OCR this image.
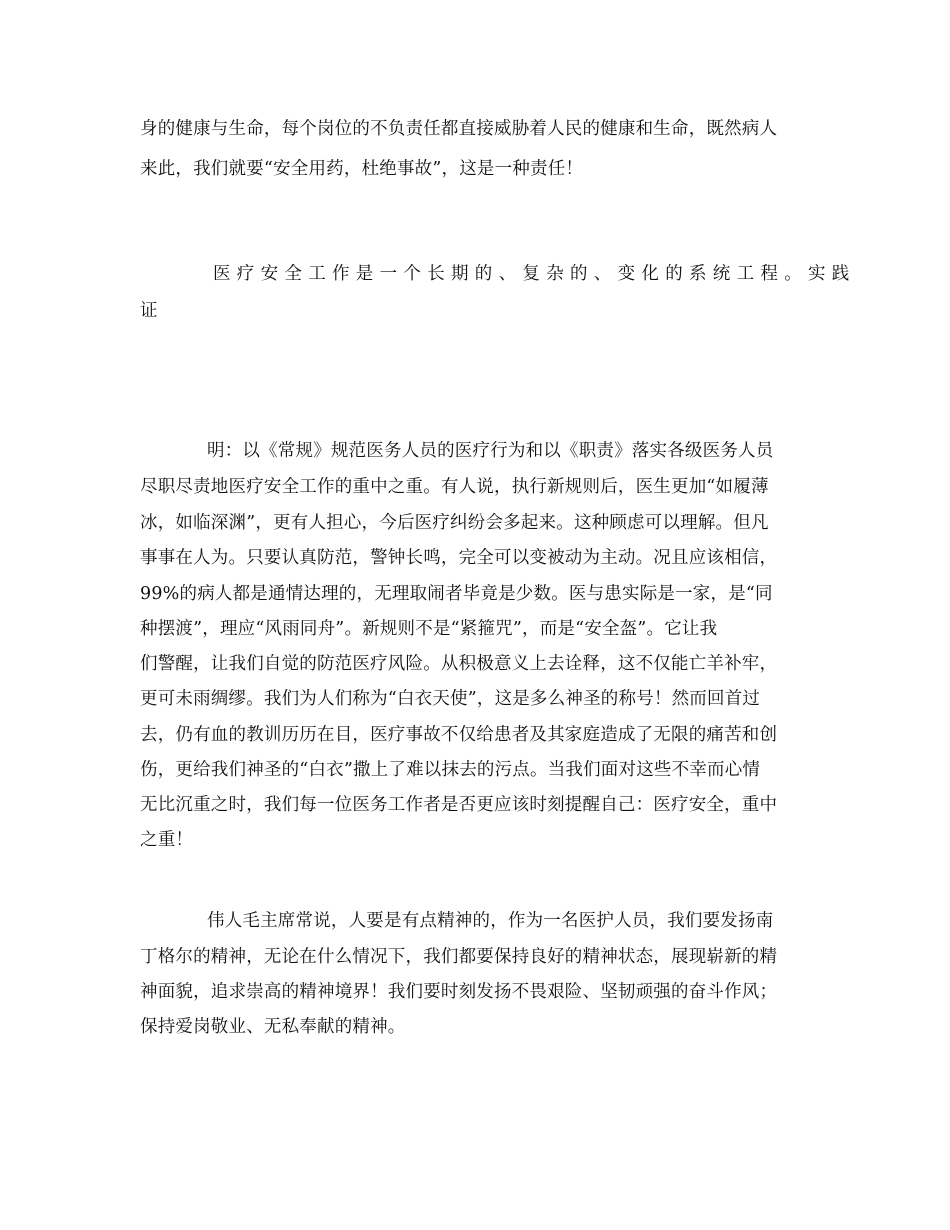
身的健康与生命，每个岗位的不负责任都直接威胁着人民的健康和生命，既然病人
来此，我们就要“安全用药，杜绝事故”，这是一种责任！
医疗安全工作是一个长期的、复杂的、变化的系统工程。实践
证
明：以《常规》规范医务人员的医疗行为和以《职责》落实各级医务人员
尽职尽责地医疗安全工作的重中之重。有人说，执行新规则后，医生更加“如履薄
冰，如临深渊”，更有人担心，今后医疗纠纷会多起来。这种顾虑可以理解。但凡
事事在人为。只要认真防范，警钟长鸣，完全可以变被动为主动。况且应该相信，
99%的病人都是通情达理的，无理取闹者毕竟是少数。医与患实际是一家，是“同
种摆渡”，理应“风雨同舟”。新规则不是“紧箍咒”，而是“安全盔”。它让我
们警醒，让我们自觉的防范医疗风险。从积极意义上去诠释，这不仅能亡羊补牢，
更可未雨绸缪。我们为人们称为“白衣天使”，这是多么神圣的称号！然而回首过
去，仍有血的教训历历在目，医疗事故不仅给患者及其家庭造成了无限的痛苦和创
伤，更给我们神圣的“白衣”撒上了难以抹去的污点。当我们面对这些不幸而心情
无比沉重之时，我们每一位医务工作者是否更应该时刻提醒自己：医疗安全，重中
之重！
伟人毛主席常说，人要是有点精神的，作为一名医护人员，我们要发扬南
丁格尔的精神，无论在什么情况下，我们都要保持良好的精神状态，展现崭新的精
神面貌，追求崇高的精神境界！我们要时刻发扬不畏艰险、坚韧顽强的奋斗作风；
保持爱岗敬业、无私奉献的精神。
